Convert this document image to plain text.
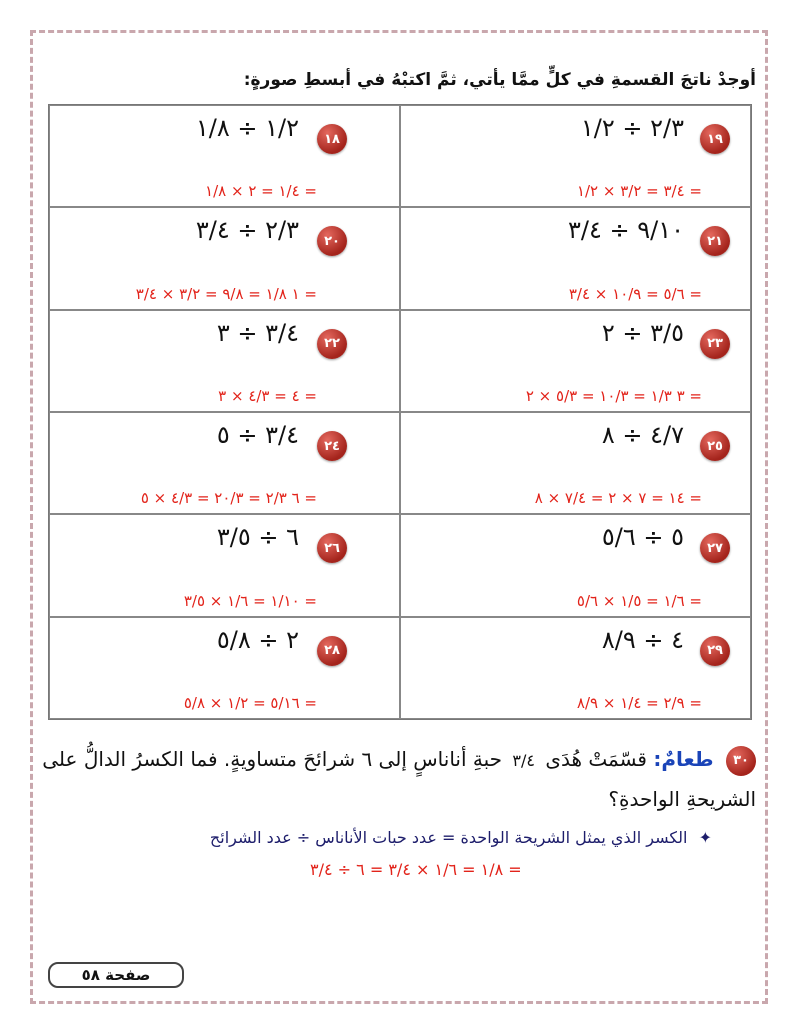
أوجدْ ناتجَ القسمةِ في كلٍّ ممَّا يأتي، ثمَّ اكتبْهُ في أبسطِ صورةٍ:
١٨
١/٢ ÷ ١/٨
١/٤ = ٢ × ١/٨ =
١٩
٢/٣ ÷ ١/٢
٣/٤ = ٣/٢ × ١/٢ =
٢٠
٢/٣ ÷ ٣/٤
١ ١/٨ = ٩/٨ = ٣/٢ × ٣/٤ =
٢١
٩/١٠ ÷ ٣/٤
٥/٦ = ١٠/٩ × ٣/٤ =
٢٢
٣/٤ ÷ ٣
٤ = ٤/٣ × ٣ =
٢٣
٣/٥ ÷ ٢
٣ ١/٣ = ١٠/٣ = ٥/٣ × ٢ =
٢٤
٣/٤ ÷ ٥
٦ ٢/٣ = ٢٠/٣ = ٤/٣ × ٥ =
٢٥
٤/٧ ÷ ٨
١٤ = ٧ × ٢ = ٧/٤ × ٨ =
٢٦
٦ ÷ ٣/٥
١/١٠ = ١/٦ × ٣/٥ =
٢٧
٥ ÷ ٥/٦
١/٦ = ١/٥ × ٥/٦ =
٢٨
٢ ÷ ٥/٨
٥/١٦ = ١/٢ × ٥/٨ =
٢٩
٤ ÷ ٨/٩
٢/٩ = ١/٤ × ٨/٩ =
٣٠ طعامٌ: قسّمَتْ هُدَى ٣/٤ حبةِ أناناسٍ إلى ٦ شرائحَ متساويةٍ. فما الكسرُ الدالُّ على الشريحةِ الواحدةِ؟
✦ الكسر الذي يمثل الشريحة الواحدة = عدد حبات الأناناس ÷ عدد الشرائح
١/٨ = ١/٦ × ٣/٤ = ٦ ÷ ٣/٤ =
صفحة ٥٨
